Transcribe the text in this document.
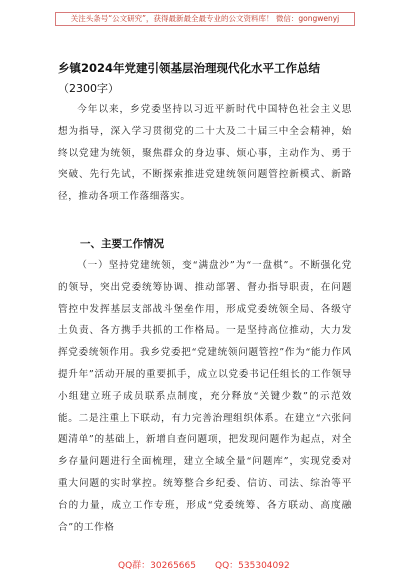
关注头条号“公文研究”，获得最新最全最专业的公文资料库！ 微信：gongwenyj
乡镇2024年党建引领基层治理现代化水平工作总结
（2300字）

今年以来，乡党委坚持以习近平新时代中国特色社会主义思想为指导，深入学习贯彻党的二十大及二十届三中全会精神，始终以党建为统领，聚焦群众的身边事、烦心事，主动作为、勇于突破、先行先试，不断探索推进党建统领问题管控新模式、新路径，推动各项工作落细落实。

一、主要工作情况

（一）坚持党建统领，变“满盘沙”为“一盘棋”。不断强化党的领导，突出党委统筹协调、推动部署、督办指导职责，在问题管控中发挥基层支部战斗堡垒作用，形成党委统领全局、各级守土负责、各方携手共抓的工作格局。一是坚持高位推动，大力发挥党委统领作用。我乡党委把“党建统领问题管控”作为“能力作风提升年”活动开展的重要抓手，成立以党委书记任组长的工作领导小组建立班子成员联系点制度，充分释放“关键少数”的示范效能。二是注重上下联动，有力完善治理组织体系。在建立“六张问题清单”的基础上，新增自查问题项，把发现问题作为起点，对全乡存量问题进行全面梳理，建立全域全量“问题库”，实现党委对重大问题的实时掌控。统筹整合乡纪委、信访、司法、综治等平台的力量，成立工作专班，形成“党委统筹、各方联动、高度融合”的工作格

QQ群：30265665 QQ：535304092
